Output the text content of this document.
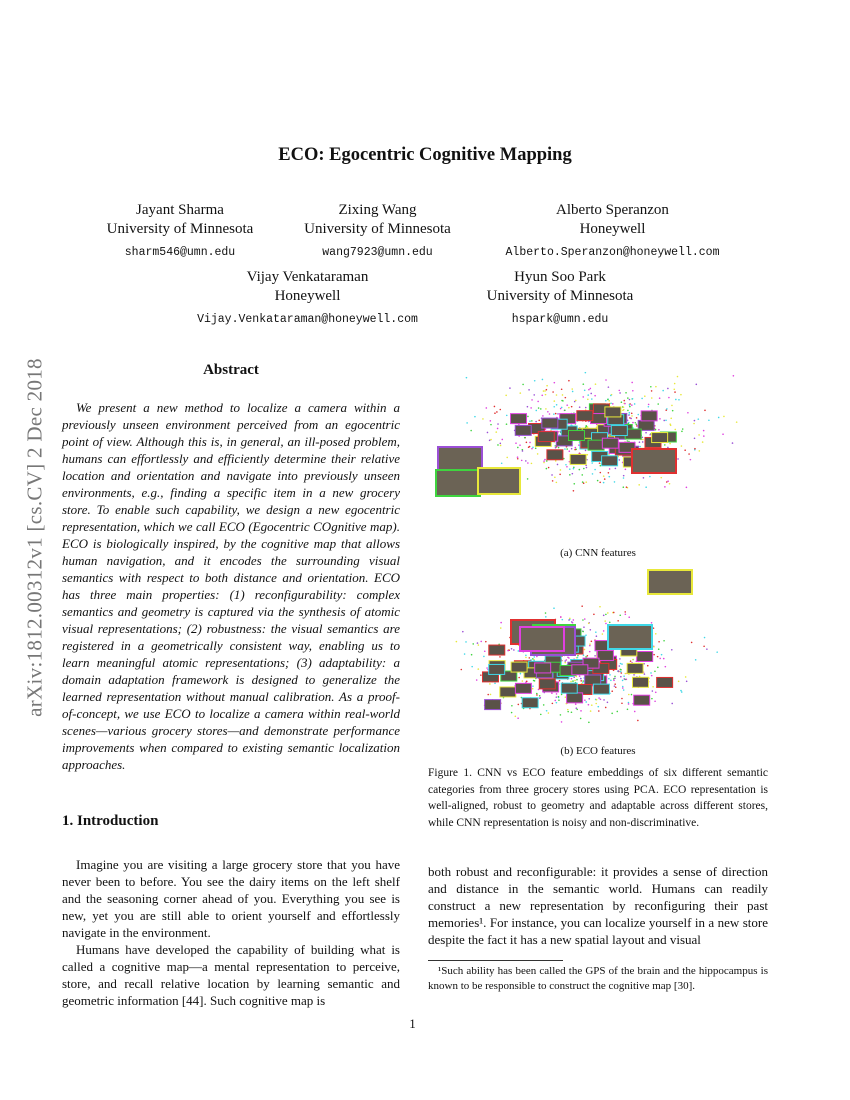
arXiv:1812.00312v1 [cs.CV] 2 Dec 2018
ECO: Egocentric Cognitive Mapping
Jayant Sharma
University of Minnesota
sharm546@umn.edu
Zixing Wang
University of Minnesota
wang7923@umn.edu
Alberto Speranzon
Honeywell
Alberto.Speranzon@honeywell.com
Vijay Venkataraman
Honeywell
Vijay.Venkataraman@honeywell.com
Hyun Soo Park
University of Minnesota
hspark@umn.edu
Abstract

We present a new method to localize a camera within a previously unseen environment perceived from an egocentric point of view. Although this is, in general, an ill-posed problem, humans can effortlessly and efficiently determine their relative location and orientation and navigate into previously unseen environments, e.g., finding a specific item in a new grocery store. To enable such capability, we design a new egocentric representation, which we call ECO (Egocentric COgnitive map). ECO is biologically inspired, by the cognitive map that allows human navigation, and it encodes the surrounding visual semantics with respect to both distance and orientation. ECO has three main properties: (1) reconfigurability: complex semantics and geometry is captured via the synthesis of atomic visual representations; (2) robustness: the visual semantics are registered in a geometrically consistent way, enabling us to learn meaningful atomic representations; (3) adaptability: a domain adaptation framework is designed to generalize the learned representation without manual calibration. As a proof-of-concept, we use ECO to localize a camera within real-world scenes—various grocery stores—and demonstrate performance improvements when compared to existing semantic localization approaches.

1. Introduction

Imagine you are visiting a large grocery store that you have never been to before. You see the dairy items on the left shelf and the seasoning corner ahead of you. Everything you see is new, yet you are still able to orient yourself and effortlessly navigate in the environment.

Humans have developed the capability of building what is called a cognitive map—a mental representation to perceive, store, and recall relative location by learning semantic and geometric information [44]. Such cognitive map is

(a) CNN features
(b) ECO features
Figure 1. CNN vs ECO feature embeddings of six different semantic categories from three grocery stores using PCA. ECO representation is well-aligned, robust to geometry and adaptable across different stores, while CNN representation is noisy and non-discriminative.

both robust and reconfigurable: it provides a sense of direction and distance in the semantic world. Humans can readily construct a new representation by reconfiguring their past memories¹. For instance, you can localize yourself in a new store despite the fact it has a new spatial layout and visual

¹Such ability has been called the GPS of the brain and the hippocampus is known to be responsible to construct the cognitive map [30].
1
